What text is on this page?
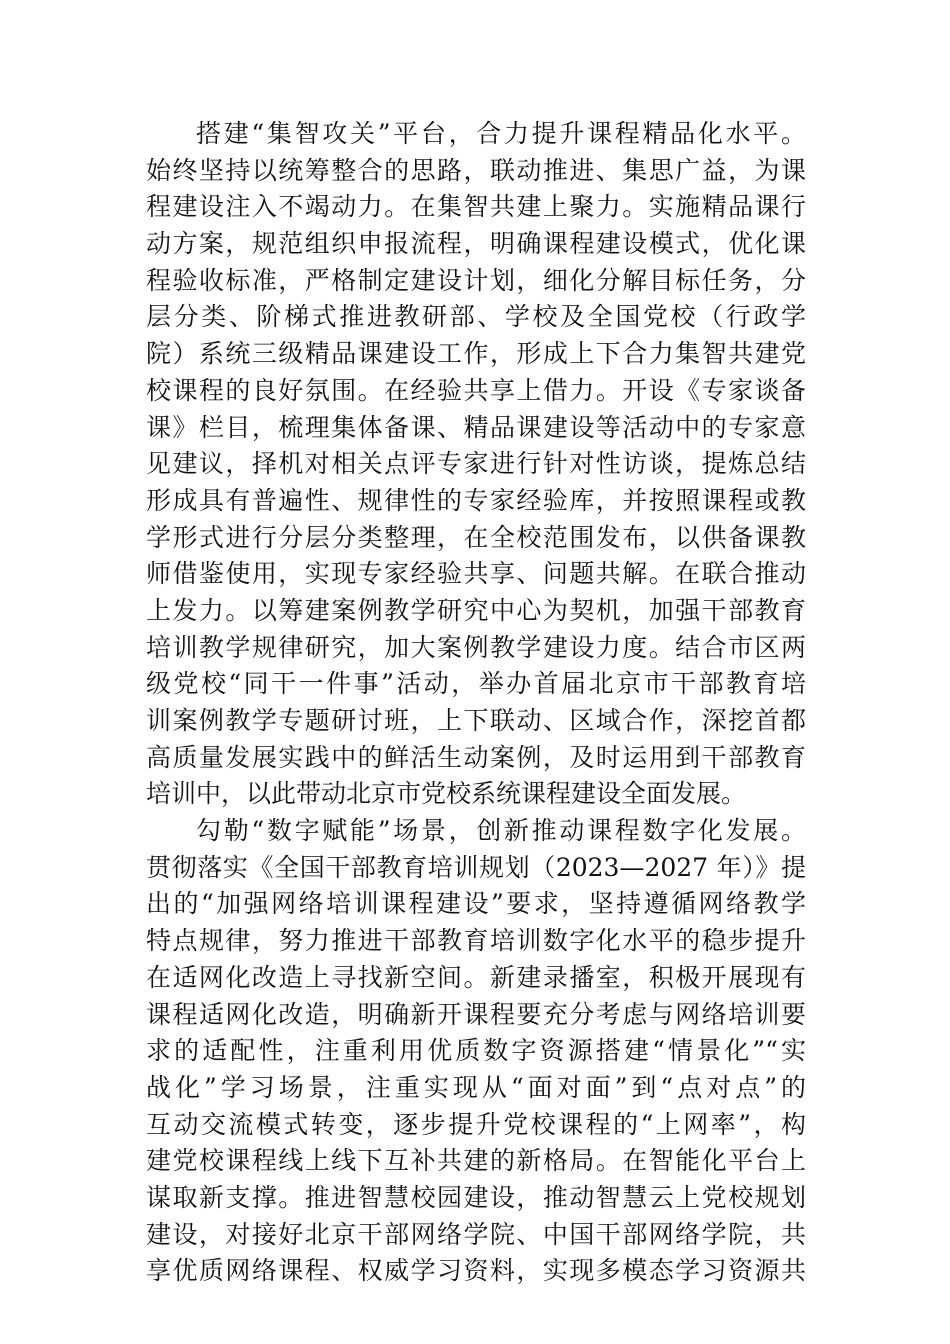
搭建“集智攻关”平台，合力提升课程精品化水平。
始终坚持以统筹整合的思路，联动推进、集思广益，为课
程建设注入不竭动力。在集智共建上聚力。实施精品课行
动方案，规范组织申报流程，明确课程建设模式，优化课
程验收标准，严格制定建设计划，细化分解目标任务，分
层分类、阶梯式推进教研部、学校及全国党校（行政学
院）系统三级精品课建设工作，形成上下合力集智共建党
校课程的良好氛围。在经验共享上借力。开设《专家谈备
课》栏目，梳理集体备课、精品课建设等活动中的专家意
见建议，择机对相关点评专家进行针对性访谈，提炼总结
形成具有普遍性、规律性的专家经验库，并按照课程或教
学形式进行分层分类整理，在全校范围发布，以供备课教
师借鉴使用，实现专家经验共享、问题共解。在联合推动
上发力。以筹建案例教学研究中心为契机，加强干部教育
培训教学规律研究，加大案例教学建设力度。结合市区两
级党校“同干一件事”活动，举办首届北京市干部教育培
训案例教学专题研讨班，上下联动、区域合作，深挖首都
高质量发展实践中的鲜活生动案例，及时运用到干部教育
培训中，以此带动北京市党校系统课程建设全面发展。
勾勒“数字赋能”场景，创新推动课程数字化发展。
贯彻落实《全国干部教育培训规划（2023—2027 年）》提
出的“加强网络培训课程建设”要求，坚持遵循网络教学
特点规律，努力推进干部教育培训数字化水平的稳步提升
在适网化改造上寻找新空间。新建录播室，积极开展现有
课程适网化改造，明确新开课程要充分考虑与网络培训要
求的适配性，注重利用优质数字资源搭建“情景化”“实
战化”学习场景，注重实现从“面对面”到“点对点”的
互动交流模式转变，逐步提升党校课程的“上网率”，构
建党校课程线上线下互补共建的新格局。在智能化平台上
谋取新支撑。推进智慧校园建设，推动智慧云上党校规划
建设，对接好北京干部网络学院、中国干部网络学院，共
享优质网络课程、权威学习资料，实现多模态学习资源共
